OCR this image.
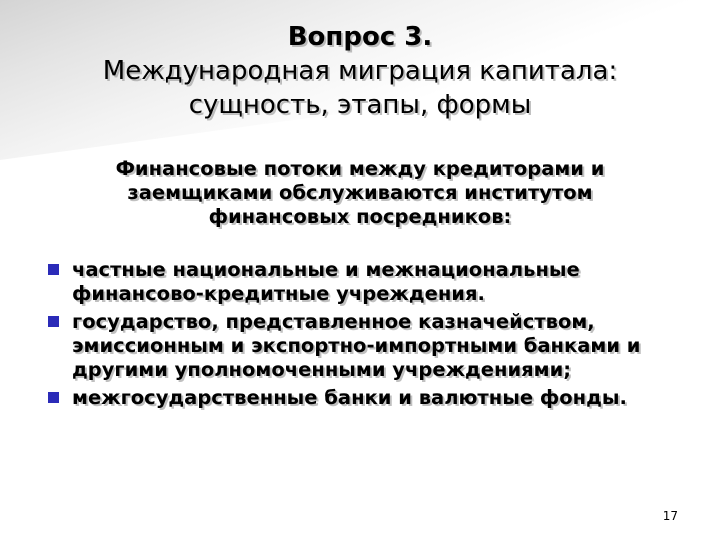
Вопрос 3.
Международная миграция капитала:
сущность, этапы, формы
Финансовые потоки между кредиторами и заемщиками обслуживаются институтом финансовых посредников:
частные национальные и межнациональные финансово-кредитные учреждения.
государство, представленное казначейством, эмиссионным и экспортно-импортными банками и другими уполномоченными учреждениями;
межгосударственные банки и валютные фонды.
17
